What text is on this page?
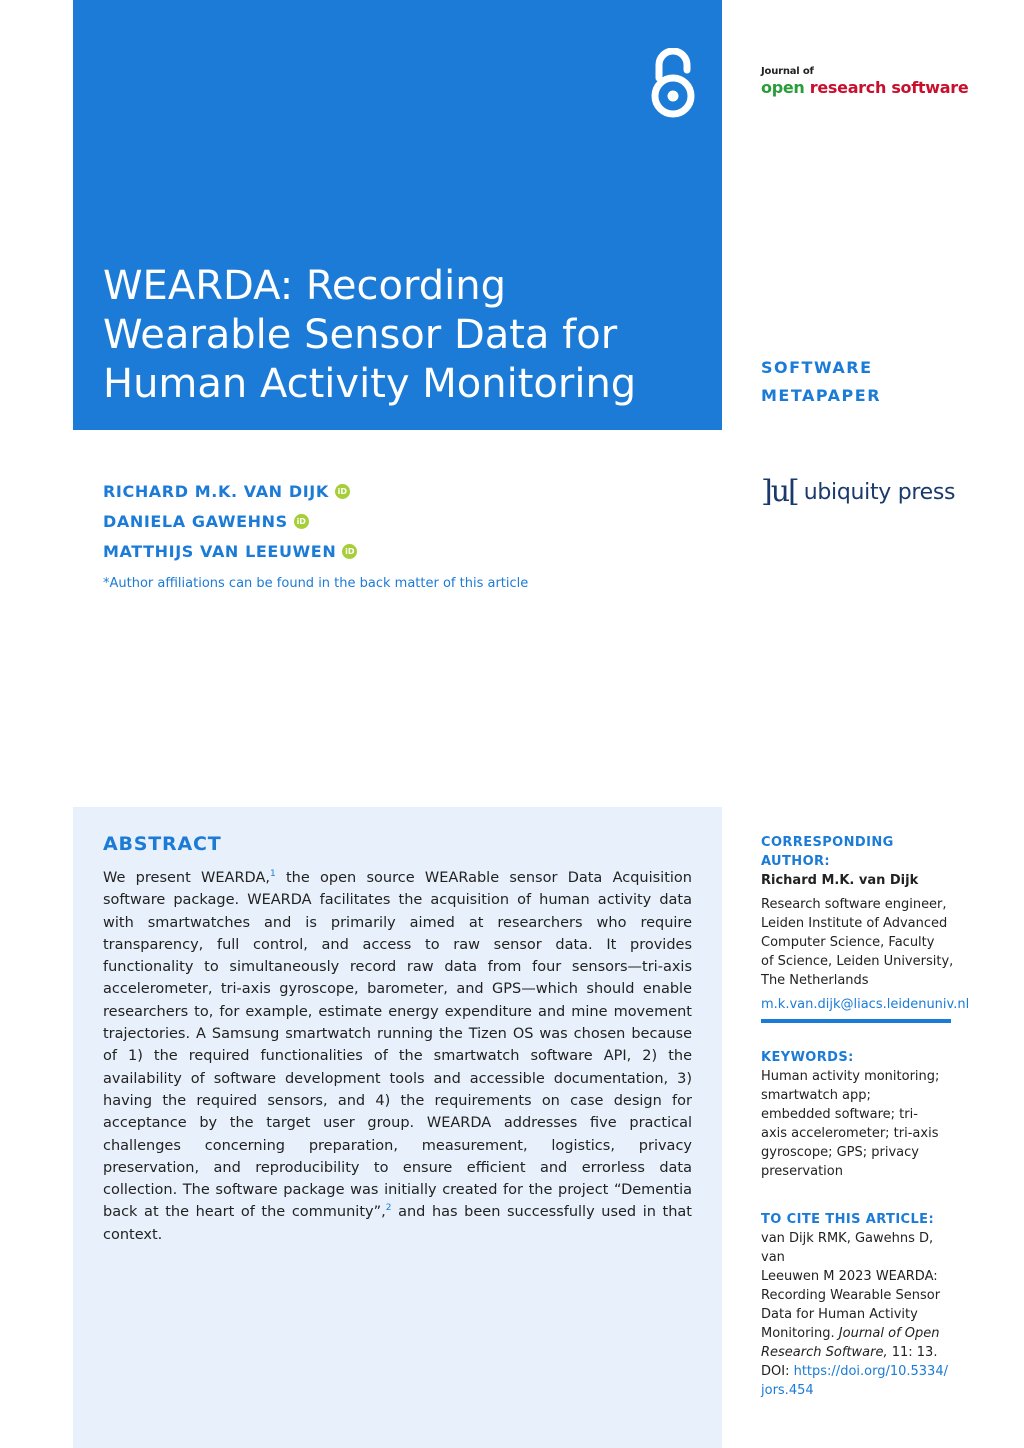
WEARDA: Recording
Wearable Sensor Data for
Human Activity Monitoring
Journal of
open research software
SOFTWARE
METAPAPER
RICHARD M.K. VAN DIJK	iD
DANIELA GAWEHNS	iD
MATTHIJS VAN LEEUWEN	iD
*Author affiliations can be found in the back matter of this article
]u[ ubiquity press
ABSTRACT

We present WEARDA,$^1$ the open source WEARable sensor Data Acquisition software package. WEARDA facilitates the acquisition of human activity data with smartwatches and is primarily aimed at researchers who require transparency, full control, and access to raw sensor data. It provides functionality to simultaneously record raw data from four sensors—tri-axis accelerometer, tri-axis gyroscope, barometer, and GPS—which should enable researchers to, for example, estimate energy expenditure and mine movement trajectories. A Samsung smartwatch running the Tizen OS was chosen because of 1) the required functionalities of the smartwatch software API, 2) the availability of software development tools and accessible documentation, 3) having the required sensors, and 4) the requirements on case design for acceptance by the target user group. WEARDA addresses five practical challenges concerning preparation, measurement, logistics, privacy preservation, and reproducibility to ensure efficient and errorless data collection. The software package was initially created for the project “Dementia back at the heart of the community”,$^2$ and has been successfully used in that context.

CORRESPONDING AUTHOR:
Richard M.K. van Dijk
Research software engineer,
Leiden Institute of Advanced
Computer Science, Faculty
of Science, Leiden University,
The Netherlands
m.k.van.dijk@liacs.leidenuniv.nl
KEYWORDS:
Human activity monitoring;
smartwatch app;
embedded software; tri-
axis accelerometer; tri-axis
gyroscope; GPS; privacy
preservation
TO CITE THIS ARTICLE:
van Dijk RMK, Gawehns D, van
Leeuwen M 2023 WEARDA:
Recording Wearable Sensor
Data for Human Activity
Monitoring. Journal of Open
Research Software, 11: 13.
DOI: https://doi.org/10.5334/
jors.454
